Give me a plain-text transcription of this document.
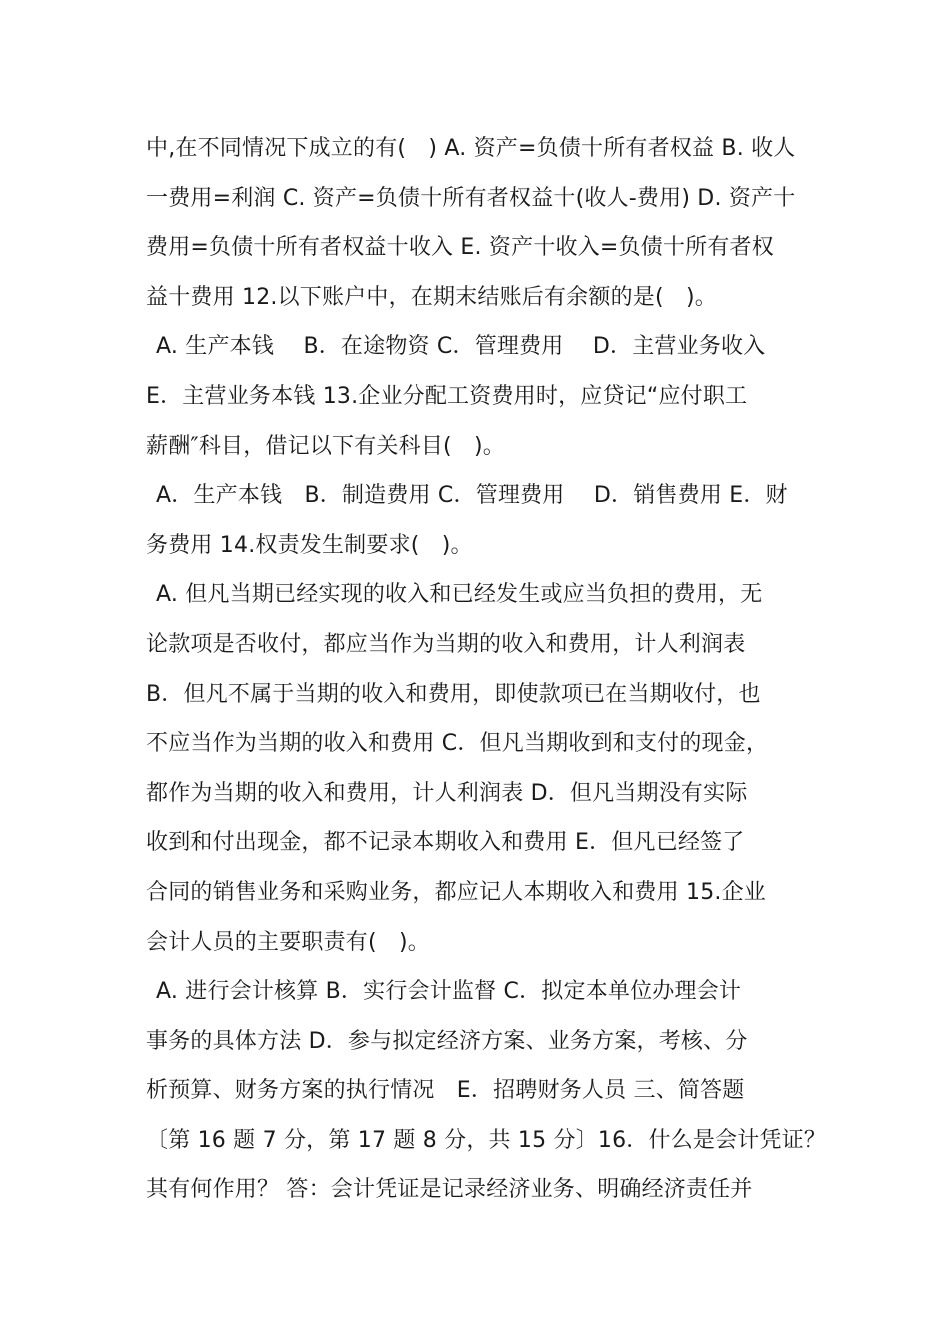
中,在不同情况下成立的有(　) A. 资产=负债十所有者权益 B. 收人
一费用=利润 C. 资产=负债十所有者权益十(收人-费用) D. 资产十
费用=负债十所有者权益十收入 E. 资产十收入=负债十所有者权
益十费用 12.以下账户中，在期末结账后有余额的是(　)。
A. 生产本钱　 B．在途物资 C．管理费用　 D．主营业务收入
E．主营业务本钱 13.企业分配工资费用时，应贷记“应付职工
薪酬″科目，借记以下有关科目(　)。
A．生产本钱　B．制造费用 C．管理费用　 D．销售费用 E．财
务费用 14.权责发生制要求(　)。
A. 但凡当期已经实现的收入和已经发生或应当负担的费用，无
论款项是否收付，都应当作为当期的收入和费用，计人利润表
B．但凡不属于当期的收入和费用，即使款项已在当期收付，也
不应当作为当期的收入和费用 C．但凡当期收到和支付的现金，
都作为当期的收入和费用，计人利润表 D．但凡当期没有实际
收到和付出现金，都不记录本期收入和费用 E．但凡已经签了
合同的销售业务和采购业务，都应记人本期收入和费用 15.企业
会计人员的主要职责有(　)。
A. 进行会计核算 B．实行会计监督 C．拟定本单位办理会计
事务的具体方法 D．参与拟定经济方案、业务方案，考核、分
析预算、财务方案的执行情况　E．招聘财务人员 三、简答题
〔第 16 题 7 分，第 17 题 8 分，共 15 分〕16．什么是会计凭证？
其有何作用？ 答：会计凭证是记录经济业务、明确经济责任并
